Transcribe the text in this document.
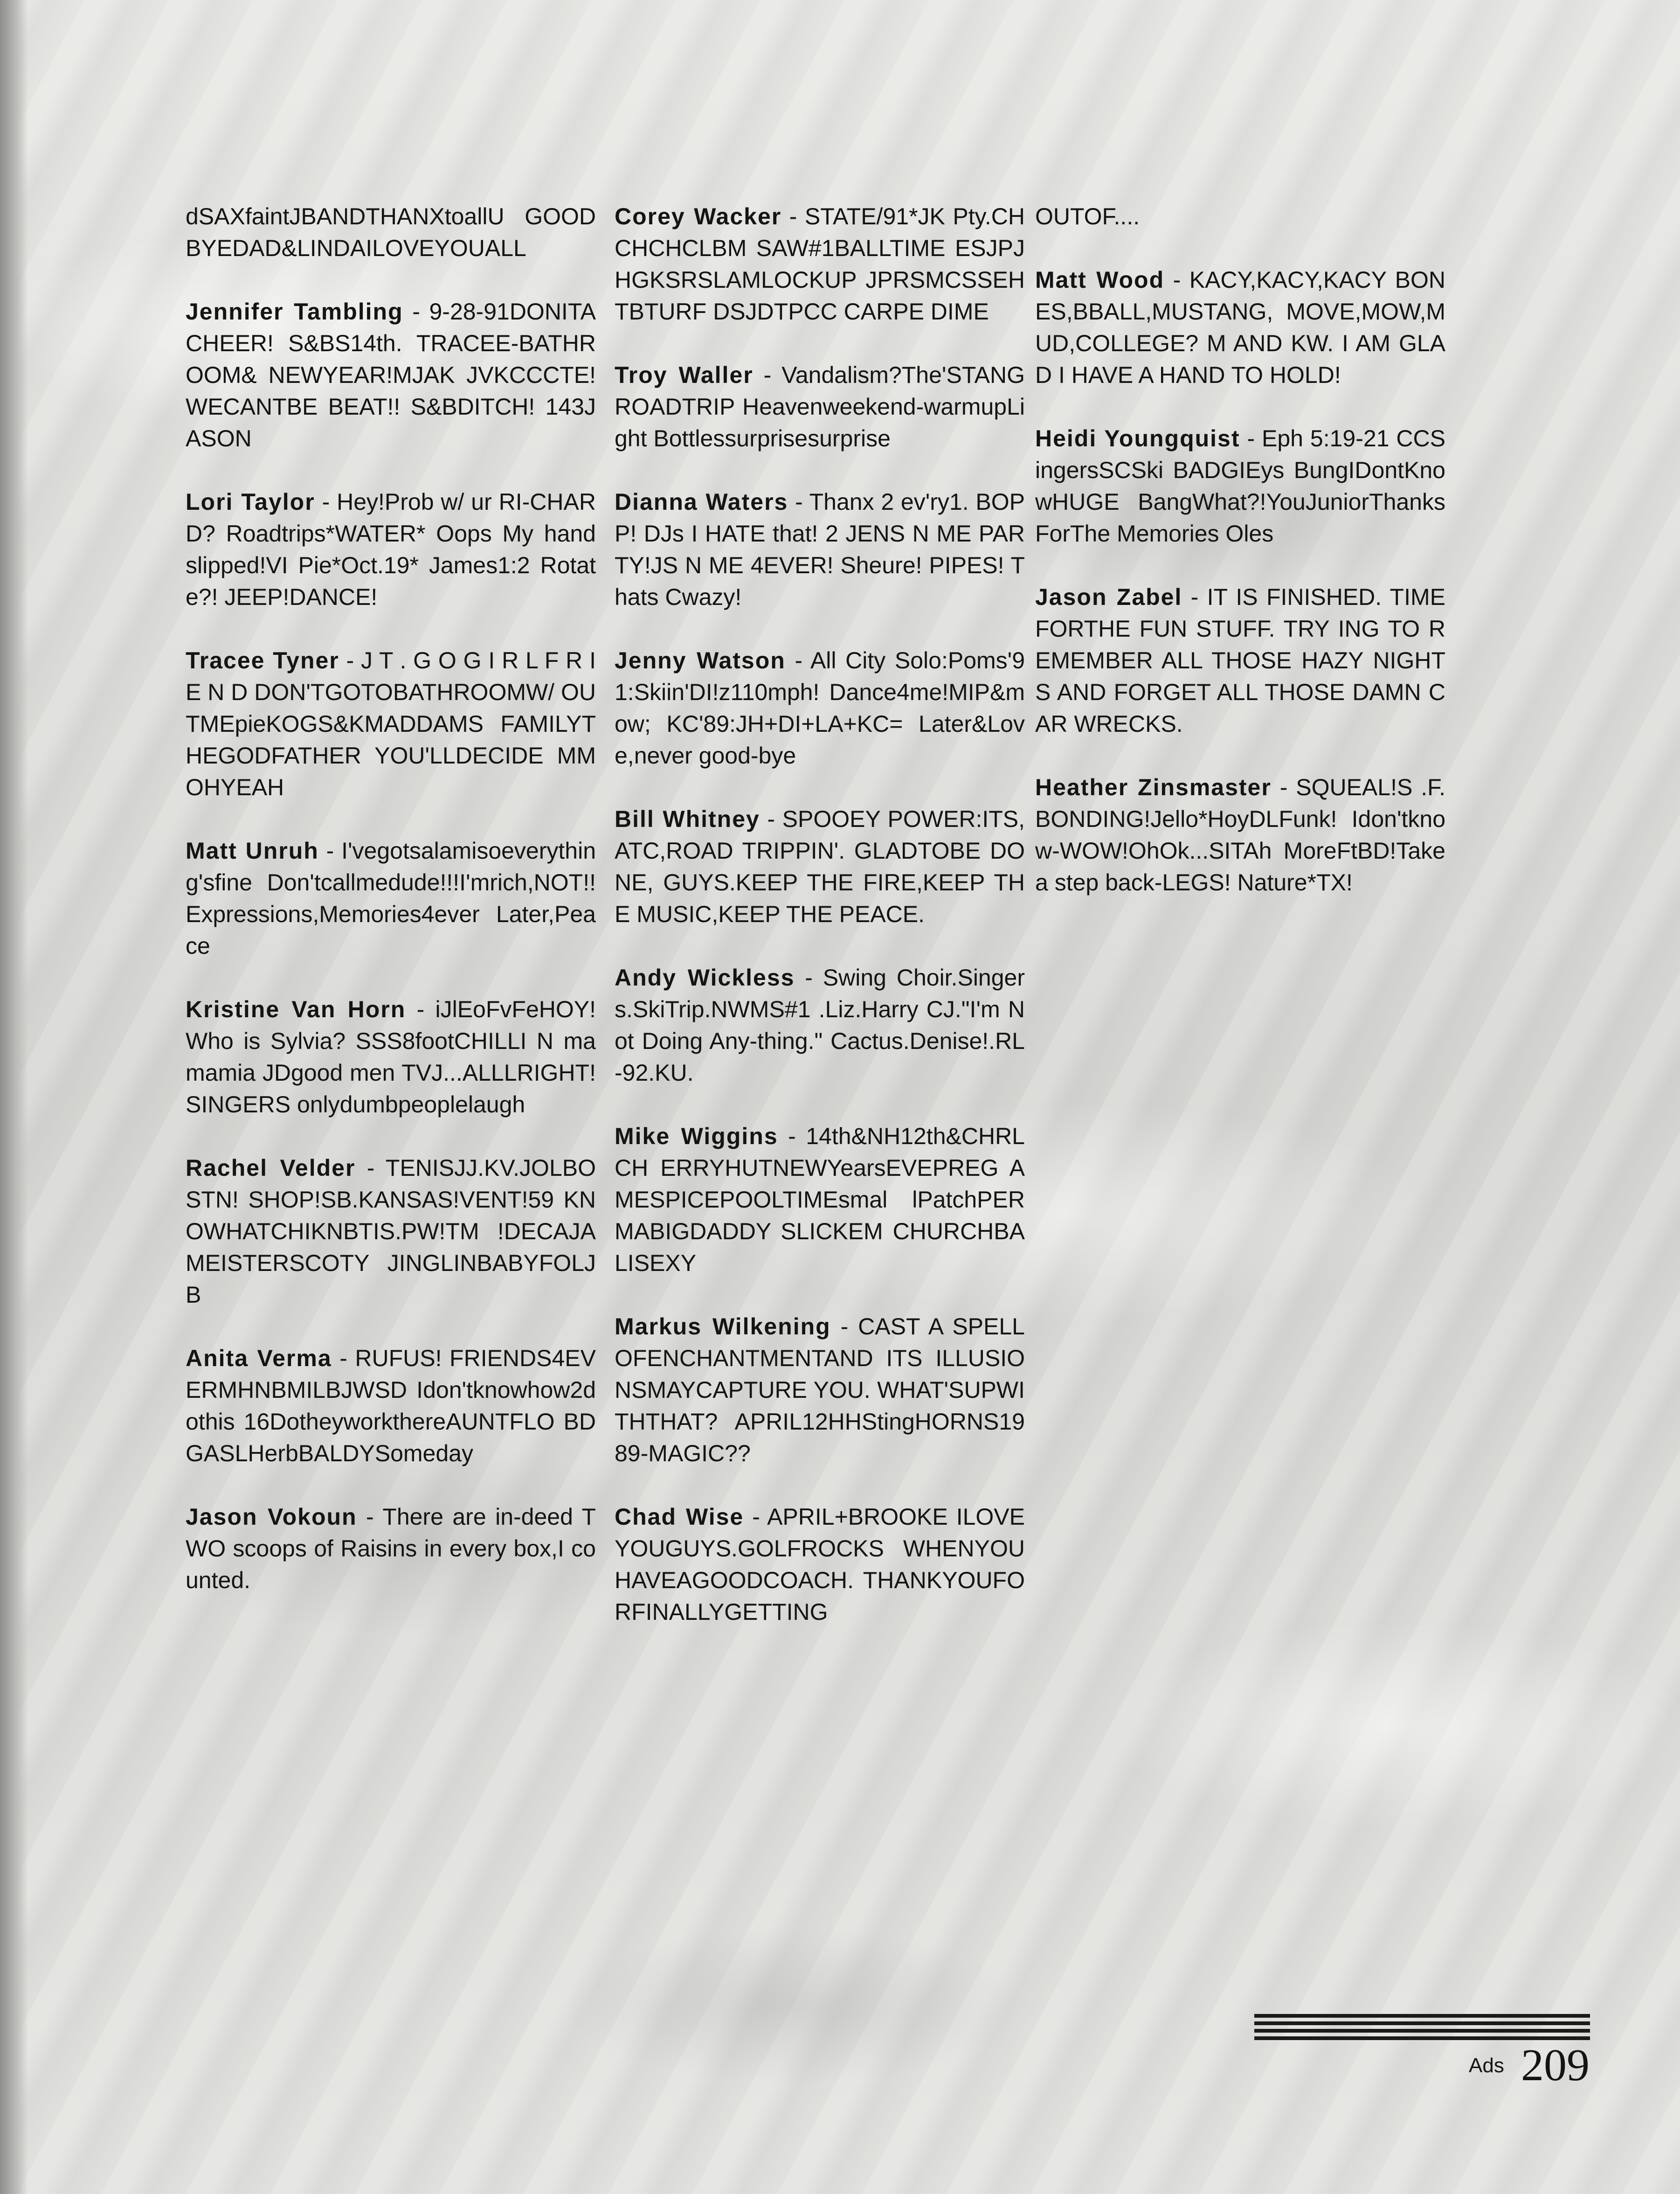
dSAXfaintJBANDTHANXtoallU GOODBYEDAD&LINDAILOVEYOUALL

Jennifer Tambling - 9-28-91DONITA CHEER! S&BS14th. TRACEE-BATHROOM& NEWYEAR!MJAK JVKCCCTE! WECANTBE BEAT!! S&BDITCH! 143JASON

Lori Taylor - Hey!Prob w/ ur RI-CHARD? Roadtrips*WATER* Oops My hand slipped!VI Pie*Oct.19* James1:2 Rotate?! JEEP!DANCE!

Tracee Tyner - J T . G O G I R L F R I E N D DON'TGOTOBATHROOMW/ OUTMEpieKOGS&KMADDAMS FAMILYTHEGODFATHER YOU'LLDECIDE MM OHYEAH

Matt Unruh - I'vegotsalamisoeverything'sfine Don'tcallmedude!!!I'mrich,NOT!! Expressions,Memories4ever Later,Peace

Kristine Van Horn - iJlEoFvFeHOY! Who is Sylvia? SSS8footCHILLI N mamamia JDgood men TVJ...ALLLRIGHT! SINGERS onlydumbpeoplelaugh

Rachel Velder - TENISJJ.KV.JOLBOSTN! SHOP!SB.KANSAS!VENT!59 KNOWHATCHIKNBTIS.PW!TM !DECAJAMEISTERSCOTY JINGLINBABYFOLJB

Anita Verma - RUFUS! FRIENDS4EVERMHNBMILBJWSD Idon'tknowhow2dothis 16DotheyworkthereAUNTFLO BDGASLHerbBALDYSomeday

Jason Vokoun - There are in-deed TWO scoops of Raisins in every box,I counted.

Corey Wacker - STATE/91*JK Pty.CHCHCHCLBM SAW#1BALLTIME ESJPJHGKSRSLAMLOCKUP JPRSMCSSEHTBTURF DSJDTPCC CARPE DIME

Troy Waller - Vandalism?The'STANGROADTRIP Heavenweekend-warmupLight Bottlessurprisesurprise

Dianna Waters - Thanx 2 ev'ry1. BOPP! DJs I HATE that! 2 JENS N ME PARTY!JS N ME 4EVER! Sheure! PIPES! Thats Cwazy!

Jenny Watson - All City Solo:Poms'91:Skiin'DI!z110mph! Dance4me!MIP&mow; KC'89:JH+DI+LA+KC= Later&Love,never good-bye

Bill Whitney - SPOOEY POWER:ITS,ATC,ROAD TRIPPIN'. GLADTOBE DONE, GUYS.KEEP THE FIRE,KEEP THE MUSIC,KEEP THE PEACE.

Andy Wickless - Swing Choir.Singers.SkiTrip.NWMS#1 .Liz.Harry CJ."I'm Not Doing Any-thing." Cactus.Denise!.RL-92.KU.

Mike Wiggins - 14th&NH12th&CHRLCH ERRYHUTNEWYearsEVEPREG AMESPICEPOOLTIMEsmal lPatchPERMABIGDADDY SLICKEM CHURCHBALISEXY

Markus Wilkening - CAST A SPELLOFENCHANTMENTAND ITS ILLUSIONSMAYCAPTURE YOU. WHAT'SUPWITHTHAT? APRIL12HHStingHORNS1989-MAGIC??

Chad Wise - APRIL+BROOKE ILOVEYOUGUYS.GOLFROCKS WHENYOUHAVEAGOODCOACH. THANKYOUFORFINALLYGETTING

OUTOF....

Matt Wood - KACY,KACY,KACY BONES,BBALL,MUSTANG, MOVE,MOW,MUD,COLLEGE? M AND KW. I AM GLAD I HAVE A HAND TO HOLD!

Heidi Youngquist - Eph 5:19-21 CCSingersSCSki BADGIEys BungIDontKnowHUGE BangWhat?!YouJuniorThanks ForThe Memories Oles

Jason Zabel - IT IS FINISHED. TIMEFORTHE FUN STUFF. TRY ING TO REMEMBER ALL THOSE HAZY NIGHTS AND FORGET ALL THOSE DAMN CAR WRECKS.

Heather Zinsmaster - SQUEAL!S .F.BONDING!Jello*HoyDLFunk! Idon'tknow-WOW!OhOk...SITAh MoreFtBD!Take a step back-LEGS! Nature*TX!

Ads 209
